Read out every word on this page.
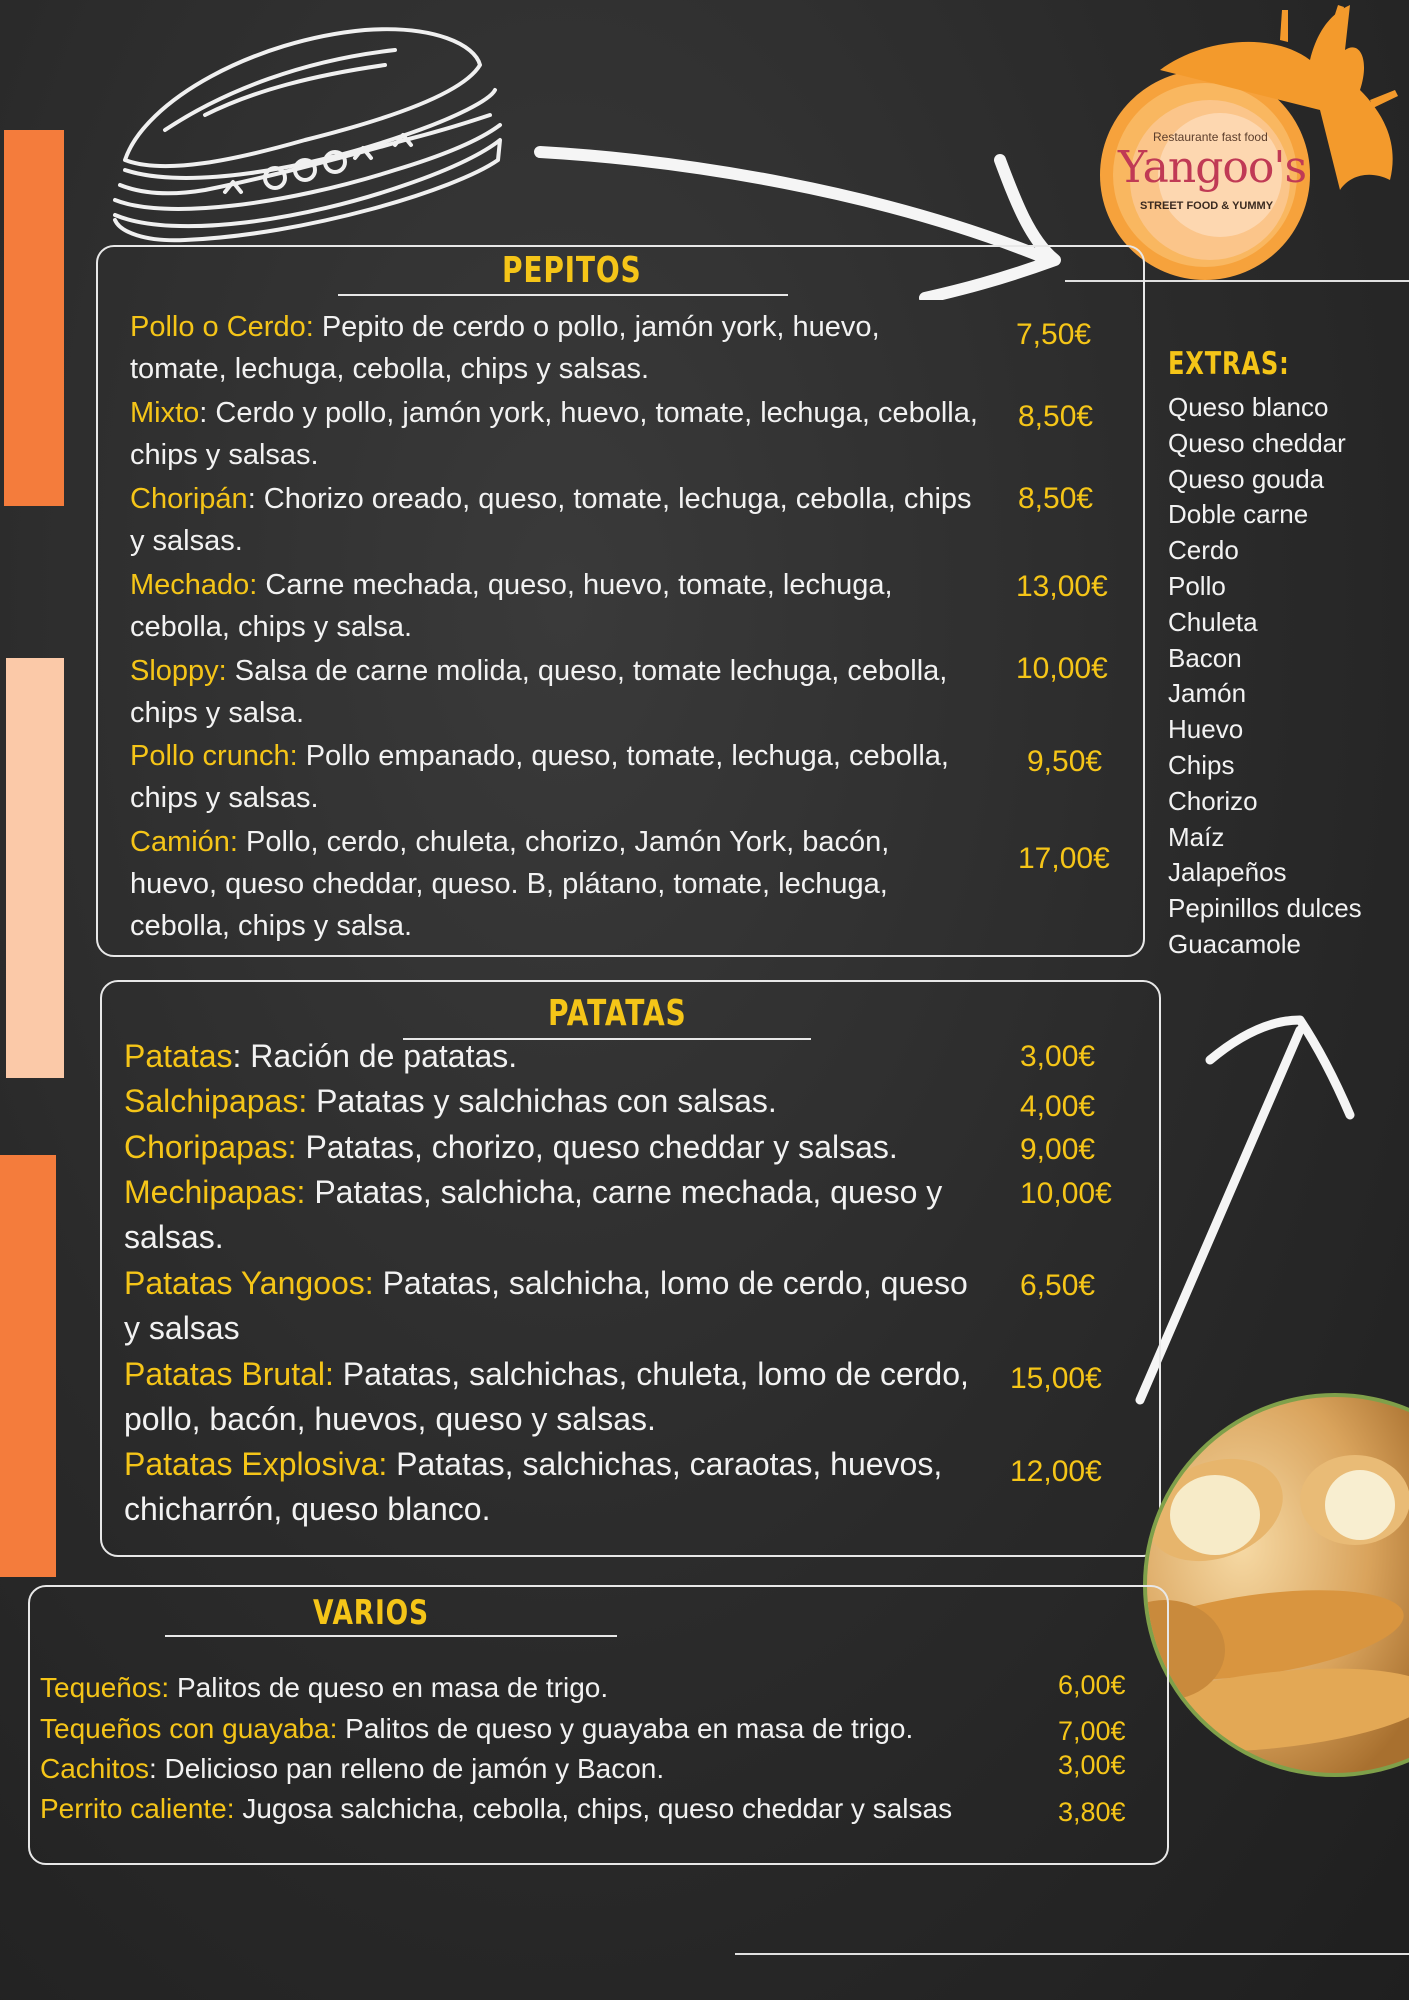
Restaurante fast food
Yangoo's
STREET FOOD & YUMMY
PEPITOS
Pollo o Cerdo: Pepito de cerdo o pollo, jamón york, huevo, tomate, lechuga, cebolla, chips y salsas.
7,50€
Mixto: Cerdo y pollo, jamón york, huevo, tomate, lechuga, cebolla, chips y salsas.
8,50€
Choripán: Chorizo oreado, queso, tomate, lechuga, cebolla, chips y salsas.
8,50€
Mechado: Carne mechada, queso, huevo, tomate, lechuga, cebolla, chips y salsa.
13,00€
Sloppy: Salsa de carne molida, queso, tomate lechuga, cebolla, chips y salsa.
10,00€
Pollo crunch: Pollo empanado, queso, tomate, lechuga, cebolla, chips y salsas.
9,50€
Camión: Pollo, cerdo, chuleta, chorizo, Jamón York, bacón, huevo, queso cheddar, queso. B, plátano, tomate, lechuga, cebolla, chips y salsa.
17,00€
EXTRAS:
Queso blanco
Queso cheddar
Queso gouda
Doble carne
Cerdo
Pollo
Chuleta
Bacon
Jamón
Huevo
Chips
Chorizo
Maíz
Jalapeños
Pepinillos dulces
Guacamole
PATATAS
Patatas: Ración de patatas.	3,00€
Salchipapas: Patatas y salchichas con salsas.	4,00€
Choripapas: Patatas, chorizo, queso cheddar y salsas.	9,00€
Mechipapas: Patatas, salchicha, carne mechada, queso y salsas.
10,00€
Patatas Yangoos: Patatas, salchicha, lomo de cerdo, queso y salsas
6,50€
Patatas Brutal: Patatas, salchichas, chuleta, lomo de cerdo, pollo, bacón, huevos, queso y salsas.
15,00€
Patatas Explosiva: Patatas, salchichas, caraotas, huevos, chicharrón, queso blanco.
12,00€
VARIOS
Tequeños: Palitos de queso en masa de trigo.	6,00€
Tequeños con guayaba: Palitos de queso y guayaba en masa de trigo.	7,00€
Cachitos: Delicioso pan relleno de jamón y Bacon.	3,00€
Perrito caliente: Jugosa salchicha, cebolla, chips, queso cheddar y salsas	3,80€
